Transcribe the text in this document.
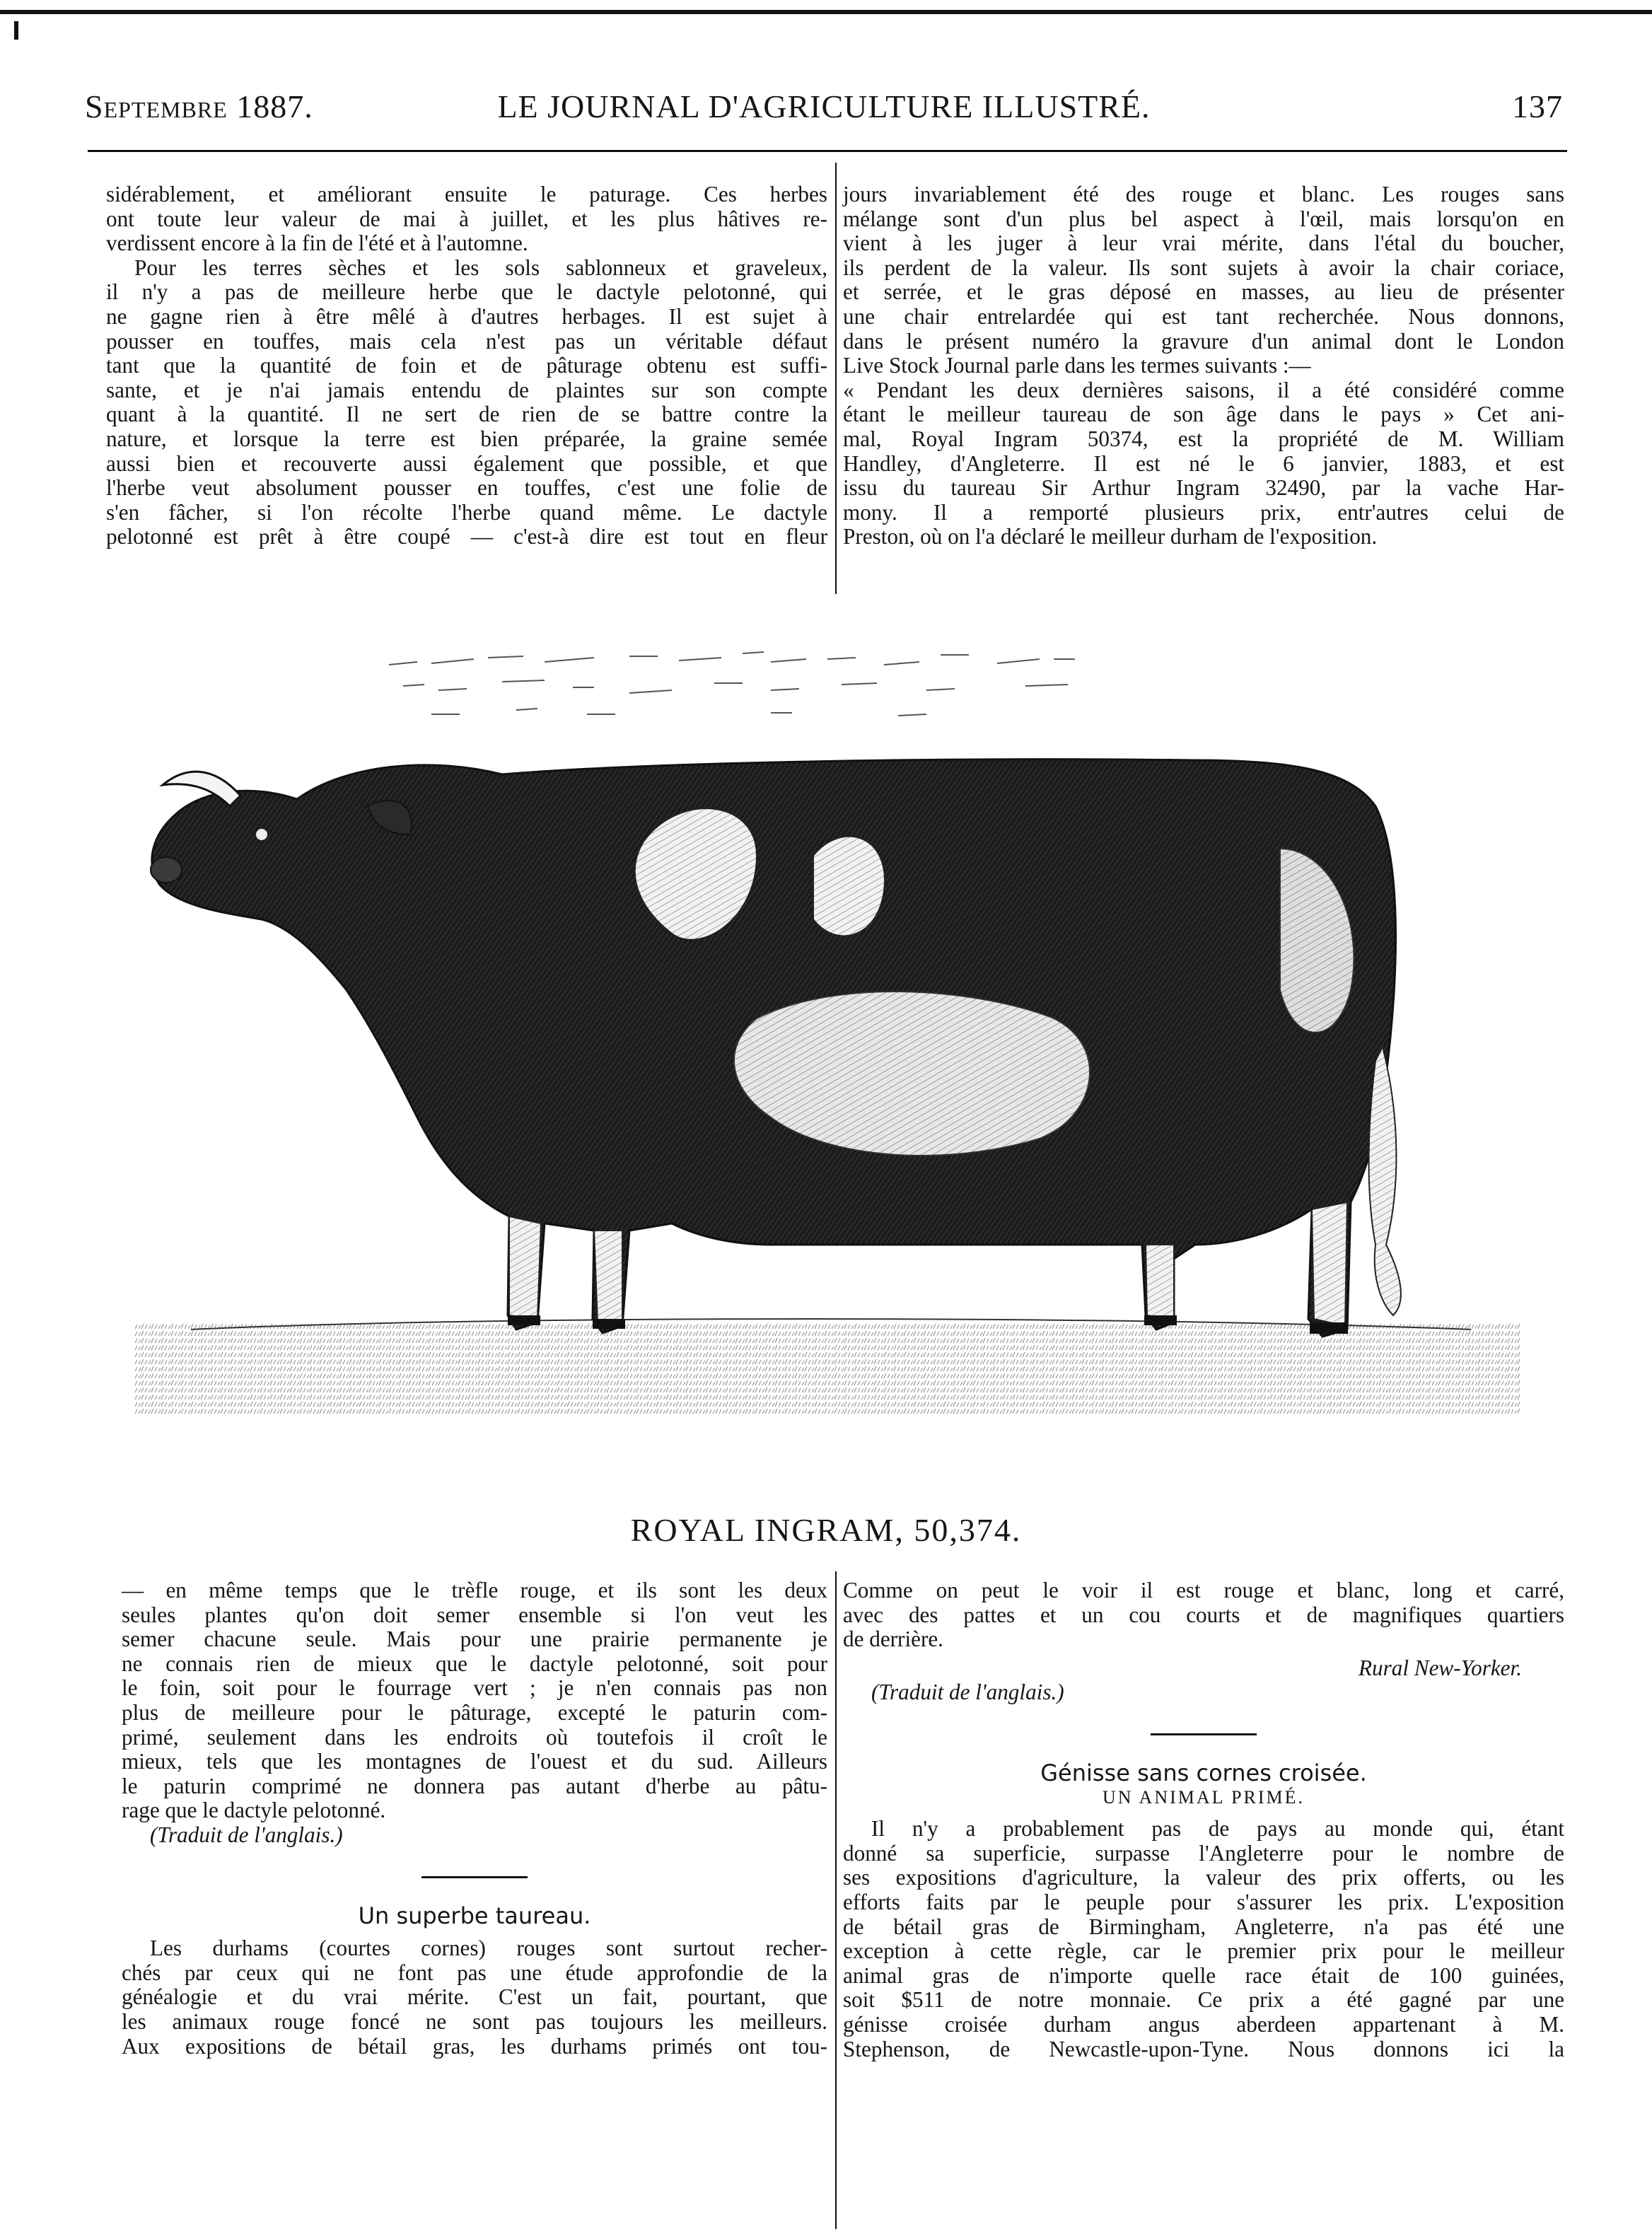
Septembre 1887.	LE JOURNAL D'AGRICULTURE ILLUSTRÉ.	137
sidérablement, et améliorant ensuite le paturage. Ces herbes
ont toute leur valeur de mai à juillet, et les plus hâtives re-
verdissent encore à la fin de l'été et à l'automne.
Pour les terres sèches et les sols sablonneux et graveleux,
il n'y a pas de meilleure herbe que le dactyle pelotonné, qui
ne gagne rien à être mêlé à d'autres herbages. Il est sujet à
pousser en touffes, mais cela n'est pas un véritable défaut
tant que la quantité de foin et de pâturage obtenu est suffi-
sante, et je n'ai jamais entendu de plaintes sur son compte
quant à la quantité. Il ne sert de rien de se battre contre la
nature, et lorsque la terre est bien préparée, la graine semée
aussi bien et recouverte aussi également que possible, et que
l'herbe veut absolument pousser en touffes, c'est une folie de
s'en fâcher, si l'on récolte l'herbe quand même. Le dactyle
pelotonné est prêt à être coupé — c'est-à dire est tout en fleur
jours invariablement été des rouge et blanc. Les rouges sans
mélange sont d'un plus bel aspect à l'œil, mais lorsqu'on en
vient à les juger à leur vrai mérite, dans l'étal du boucher,
ils perdent de la valeur. Ils sont sujets à avoir la chair coriace,
et serrée, et le gras déposé en masses, au lieu de présenter
une chair entrelardée qui est tant recherchée. Nous donnons,
dans le présent numéro la gravure d'un animal dont le London
Live Stock Journal parle dans les termes suivants :—
« Pendant les deux dernières saisons, il a été considéré comme
étant le meilleur taureau de son âge dans le pays » Cet ani-
mal, Royal Ingram 50374, est la propriété de M. William
Handley, d'Angleterre. Il est né le 6 janvier, 1883, et est
issu du taureau Sir Arthur Ingram 32490, par la vache Har-
mony. Il a remporté plusieurs prix, entr'autres celui de
Preston, où on l'a déclaré le meilleur durham de l'exposition.
ROYAL INGRAM, 50,374.
— en même temps que le trèfle rouge, et ils sont les deux
seules plantes qu'on doit semer ensemble si l'on veut les
semer chacune seule. Mais pour une prairie permanente je
ne connais rien de mieux que le dactyle pelotonné, soit pour
le foin, soit pour le fourrage vert ; je n'en connais pas non
plus de meilleure pour le pâturage, excepté le paturin com-
primé, seulement dans les endroits où toutefois il croît le
mieux, tels que les montagnes de l'ouest et du sud. Ailleurs
le paturin comprimé ne donnera pas autant d'herbe au pâtu-
rage que le dactyle pelotonné.
(Traduit de l'anglais.)
Un superbe taureau.
Les durhams (courtes cornes) rouges sont surtout recher-
chés par ceux qui ne font pas une étude approfondie de la
généalogie et du vrai mérite. C'est un fait, pourtant, que
les animaux rouge foncé ne sont pas toujours les meilleurs.
Aux expositions de bétail gras, les durhams primés ont tou-
Comme on peut le voir il est rouge et blanc, long et carré,
avec des pattes et un cou courts et de magnifiques quartiers
de derrière.
Rural New-Yorker.
(Traduit de l'anglais.)
Génisse sans cornes croisée.
UN ANIMAL PRIMÉ.
Il n'y a probablement pas de pays au monde qui, étant
donné sa superficie, surpasse l'Angleterre pour le nombre de
ses expositions d'agriculture, la valeur des prix offerts, ou les
efforts faits par le peuple pour s'assurer les prix. L'exposition
de bétail gras de Birmingham, Angleterre, n'a pas été une
exception à cette règle, car le premier prix pour le meilleur
animal gras de n'importe quelle race était de 100 guinées,
soit $511 de notre monnaie. Ce prix a été gagné par une
génisse croisée durham angus aberdeen appartenant à M.
Stephenson, de Newcastle-upon-Tyne. Nous donnons ici la
